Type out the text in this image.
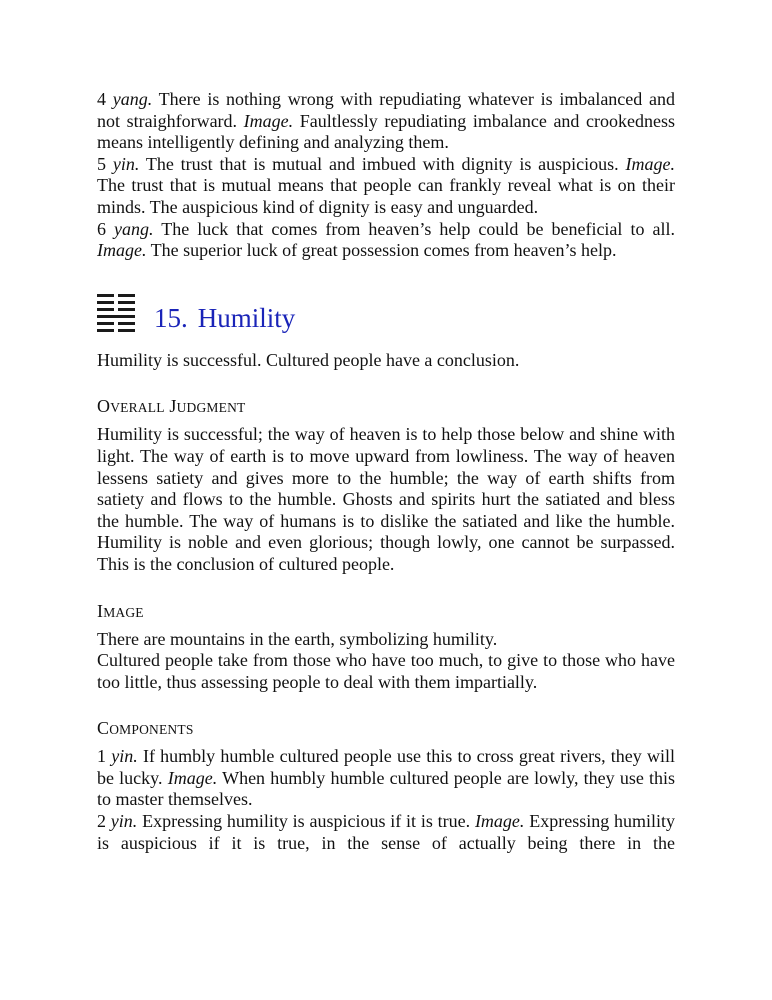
4 yang. There is nothing wrong with repudiating whatever is imbalanced and not straighforward. Image. Faultlessly repudiating imbalance and crookedness means intelligently defining and analyzing them.

5 yin. The trust that is mutual and imbued with dignity is auspicious. Image. The trust that is mutual means that people can frankly reveal what is on their minds. The auspicious kind of dignity is easy and unguarded.

6 yang. The luck that comes from heaven’s help could be beneficial to all. Image. The superior luck of great possession comes from heaven’s help.

15. Humility

Humility is successful. Cultured people have a conclusion.

OVERALL JUDGMENT

Humility is successful; the way of heaven is to help those below and shine with light. The way of earth is to move upward from lowliness. The way of heaven lessens satiety and gives more to the humble; the way of earth shifts from satiety and flows to the humble. Ghosts and spirits hurt the satiated and bless the humble. The way of humans is to dislike the satiated and like the humble. Humility is noble and even glorious; though lowly, one cannot be surpassed. This is the conclusion of cultured people.

IMAGE

There are mountains in the earth, symbolizing humility.

Cultured people take from those who have too much, to give to those who have too little, thus assessing people to deal with them impartially.

COMPONENTS

1 yin. If humbly humble cultured people use this to cross great rivers, they will be lucky. Image. When humbly humble cultured people are lowly, they use this to master themselves.

2 yin. Expressing humility is auspicious if it is true. Image. Expressing humility is auspicious if it is true, in the sense of actually being there in the
